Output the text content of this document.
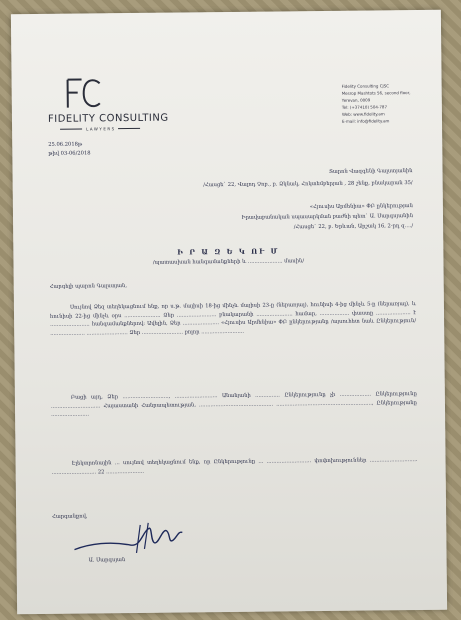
FIDELITY CONSULTING
LAWYERS
Fidelity Consulting CJSC
Mesrop Mashtots 56, second floor,
Yerevan, 0009
Tel: (+37410) 504-787
Web: www.fidelity.am
E-mail: info@fidelity.am
25.06.2018թ
թիվ 03-06/2018
Տարոն Վազգենի Գալստյանին
/Հասցե` 22, Վալոդ Չոբ., բ. Ձկնակ, Հոկտեմբերյան , 28 շենք, բնակարան 35/
«Հյուսիս Արմենիա» ՓԲ ընկերության
Իրավաբանական սպասարկման բաժնի պետ` Ա. Սարգսյանին
/Հասցե` 22, բ. Երևան, Արշակ 16, 2-րդ զ..../
Ի Ր Ա Զ Ե Կ ՈՒ Մ
/պատասխան հանգամանքների և ..................... մասին/
Հարգելի պարոն Գալստյան,
Սույնով Ձեզ տեղեկացնում ենք, որ ս.թ. մայիսի 18-ից մինչև մայիսի 23-ը (ներառյալ), հունիսի 4-ից մինչև 5-ը (ներառյալ), և հունիսի 22-ից մինչև օրս ...................... Ձեր ........................ բնակարանի ...................... համար, .................. փաստը ..................... է ........................ հանգամանքներով: Ավելին, Ձեր ...................... «Հյուսիս Արմենիա» ՓԲ ընկերությանը /այսուհետ նաև Ընկերություն/ ..................... ......................... Ձեր ......................... բոլոր ..........................
Բացի այդ, Ձեր ............................, .......................... Անանյանի ............... Ընկերությունը չի ................... Ընկերությունը .............................. Հայաստանի Հանրապետության, ............................................. .........................................................., Ընկերությանը .......................
Էլեկտրոնային ... սույնով տեղեկացնում ենք, որ Ընկերությունը ... ........................... փոփոխություններ ............................. ........................... 22 .......................
Հարգանքով,
Ա. Սարգսյան
